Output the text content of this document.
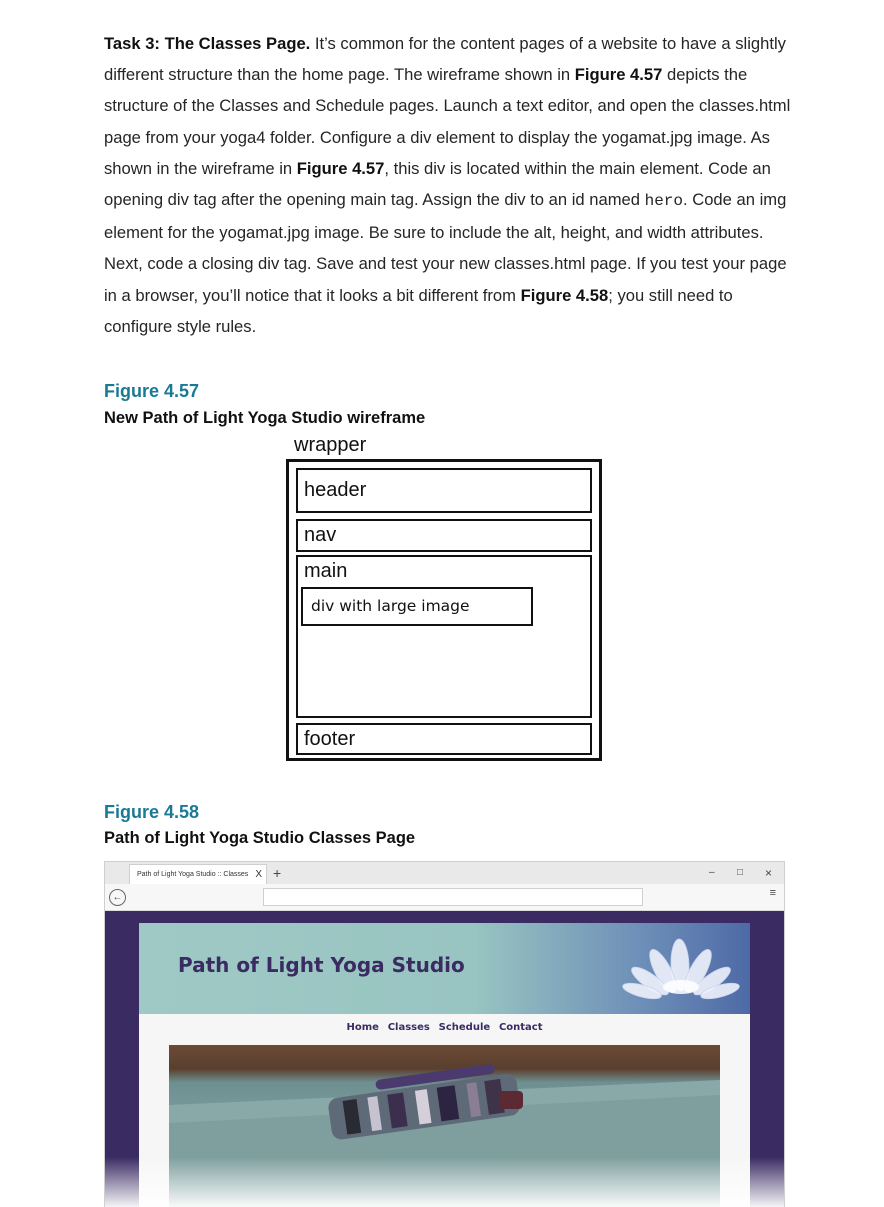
Task 3: The Classes Page. It’s common for the content pages of a website to have a slightly different structure than the home page. The wireframe shown in Figure 4.57 depicts the structure of the Classes and Schedule pages. Launch a text editor, and open the classes.html page from your yoga4 folder. Configure a div element to display the yogamat.jpg image. As shown in the wireframe in Figure 4.57, this div is located within the main element. Code an opening div tag after the opening main tag. Assign the div to an id named hero. Code an img element for the yogamat.jpg image. Be sure to include the alt, height, and width attributes. Next, code a closing div tag. Save and test your new classes.html page. If you test your page in a browser, you’ll notice that it looks a bit different from Figure 4.58; you still need to configure style rules.
Figure 4.57
New Path of Light Yoga Studio wireframe
wrapper
header
nav
main
div with large image
footer
Figure 4.58
Path of Light Yoga Studio Classes Page
Path of Light Yoga Studio :: Classes X +	– □ ×
←	≡
Path of Light Yoga Studio
Home Classes Schedule Contact
